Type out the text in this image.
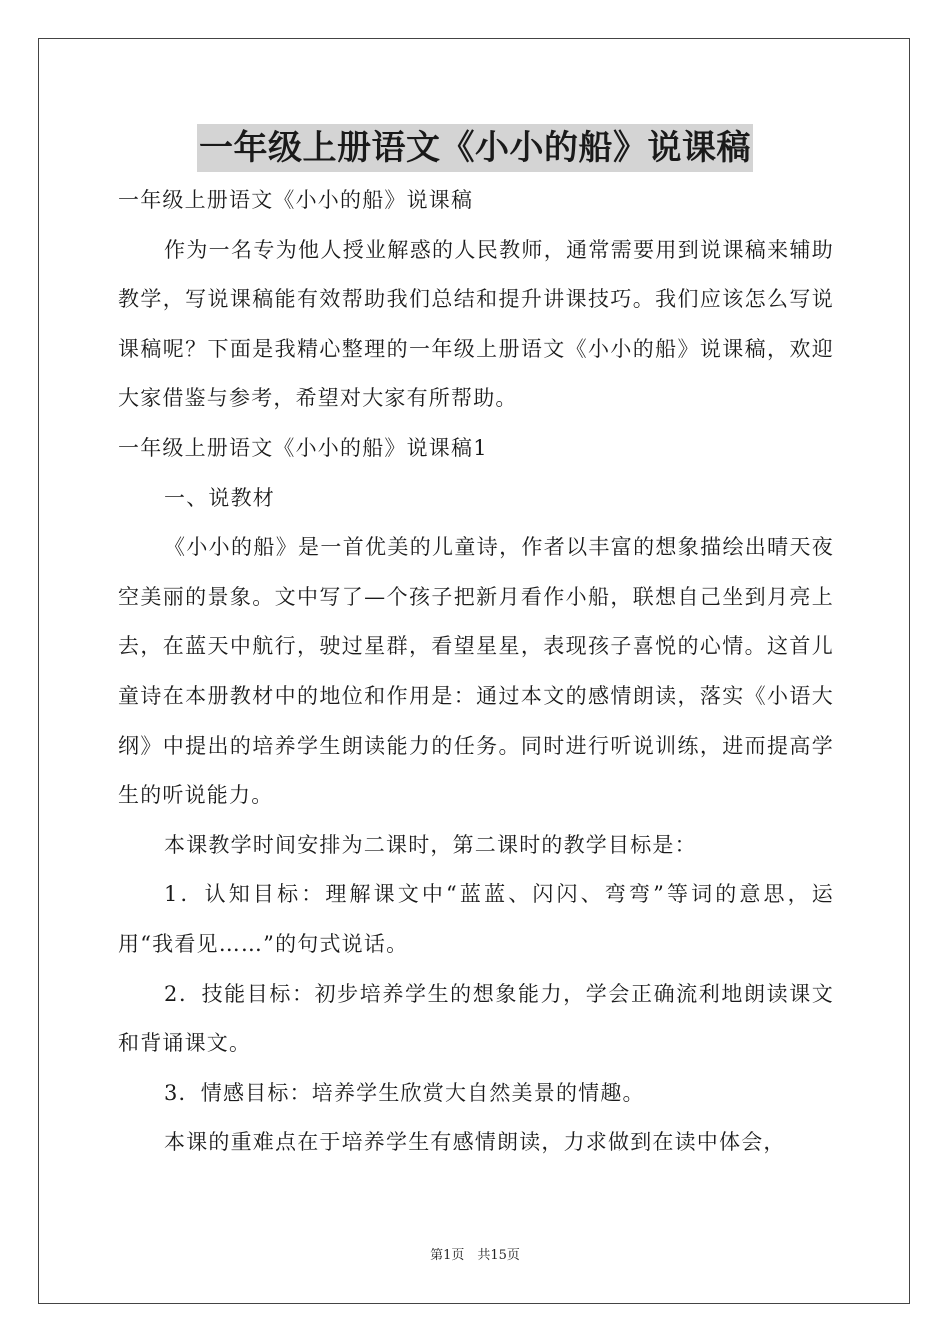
一年级上册语文《小小的船》说课稿

一年级上册语文《小小的船》说课稿

作为一名专为他人授业解惑的人民教师，通常需要用到说课稿来辅助教学，写说课稿能有效帮助我们总结和提升讲课技巧。我们应该怎么写说课稿呢？下面是我精心整理的一年级上册语文《小小的船》说课稿，欢迎大家借鉴与参考，希望对大家有所帮助。

一年级上册语文《小小的船》说课稿1

一、说教材

《小小的船》是一首优美的儿童诗，作者以丰富的想象描绘出晴天夜空美丽的景象。文中写了—个孩子把新月看作小船，联想自己坐到月亮上去，在蓝天中航行，驶过星群，看望星星，表现孩子喜悦的心情。这首儿童诗在本册教材中的地位和作用是：通过本文的感情朗读，落实《小语大纲》中提出的培养学生朗读能力的任务。同时进行听说训练，进而提高学生的听说能力。

本课教学时间安排为二课时，第二课时的教学目标是：

1．认知目标：理解课文中“蓝蓝、闪闪、弯弯”等词的意思，运用“我看见……”的句式说话。

2．技能目标：初步培养学生的想象能力，学会正确流利地朗读课文和背诵课文。

3．情感目标：培养学生欣赏大自然美景的情趣。

本课的重难点在于培养学生有感情朗读，力求做到在读中体会，

第1页　共15页
